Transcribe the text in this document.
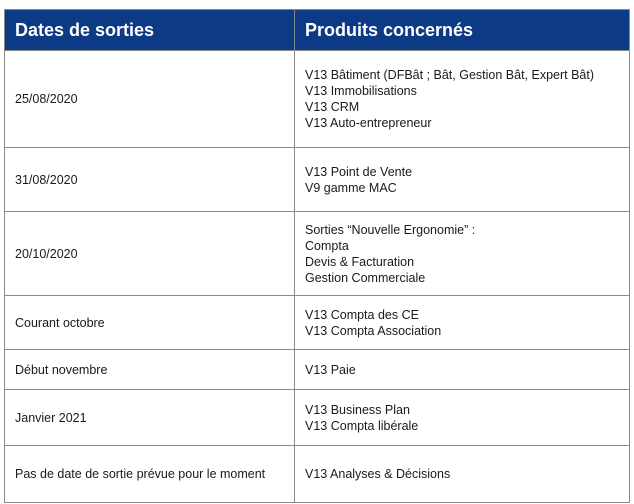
Dates de sorties	Produits concernés
25/08/2020	V13 Bâtiment (DFBât ; Bât, Gestion Bât, Expert Bât)
V13 Immobilisations
V13 CRM
V13 Auto-entrepreneur

31/08/2020	V13 Point de Vente
V9 gamme MAC

20/10/2020	Sorties “Nouvelle Ergonomie” :
Compta
Devis & Facturation
Gestion Commerciale

Courant octobre	V13 Compta des CE
V13 Compta Association

Début novembre	V13 Paie

Janvier 2021	V13 Business Plan
V13 Compta libérale

Pas de date de sortie prévue pour le moment	V13 Analyses & Décisions
